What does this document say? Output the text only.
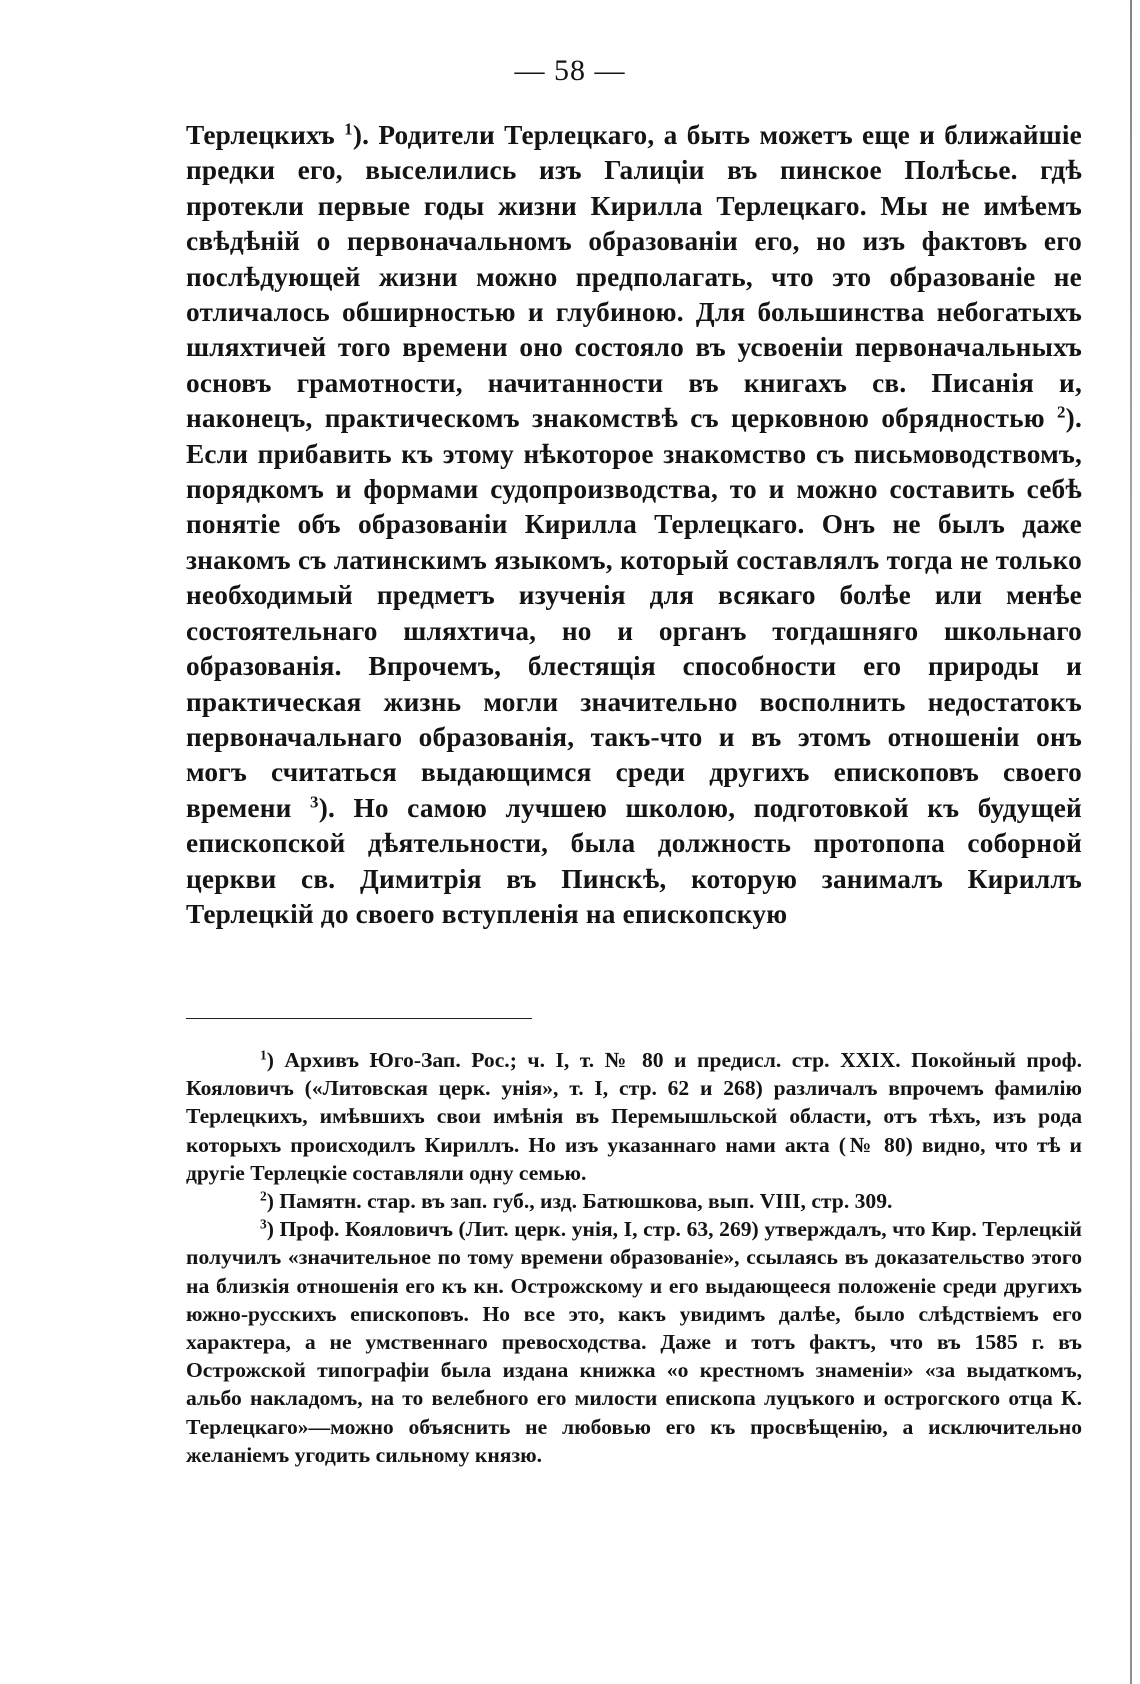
— 58 —

Терлецкихъ $^1$). Родители Терлецкаго, а быть можетъ еще и ближайшіе предки его, выселились изъ Галиціи въ пинское Полѣсье. гдѣ протекли первые годы жизни Кирилла Терлецкаго. Мы не имѣемъ свѣдѣній о первоначальномъ образованіи его, но изъ фактовъ его послѣдующей жизни можно предполагать, что это образованіе не отличалось обширностью и глубиною. Для большинства небогатыхъ шляхтичей того времени оно состояло въ усвоеніи первоначальныхъ основъ грамотности, начитанности въ книгахъ св. Писанія и, наконецъ, практическомъ знакомствѣ съ церковною обрядностью $^2$). Если прибавить къ этому нѣкоторое знакомство съ письмоводствомъ, порядкомъ и формами судопроизводства, то и можно составить себѣ понятіе объ образованіи Кирилла Терлецкаго. Онъ не былъ даже знакомъ съ латинскимъ языкомъ, который составлялъ тогда не только необходимый предметъ изученія для всякаго болѣе или менѣе состоятельнаго шляхтича, но и органъ тогдашняго школьнаго образованія. Впрочемъ, блестящія способности его природы и практическая жизнь могли значительно восполнить недостатокъ первоначальнаго образованія, такъ-что и въ этомъ отношеніи онъ могъ считаться выдающимся среди другихъ епископовъ своего времени $^3$). Но самою лучшею школою, подготовкой къ будущей епископской дѣятельности, была должность протопопа соборной церкви св. Димитрія въ Пинскѣ, которую занималъ Кириллъ Терлецкій до своего вступленія на епископскую

$^1$) Архивъ Юго-Зап. Рос.; ч. I, т. № 80 и предисл. стр. XXIX. Покойный проф. Кояловичъ («Литовская церк. унія», т. I, стр. 62 и 268) различалъ впрочемъ фамилію Терлецкихъ, имѣвшихъ свои имѣнія въ Перемышльской области, отъ тѣхъ, изъ рода которыхъ происходилъ Кириллъ. Но изъ указаннаго нами акта (№ 80) видно, что тѣ и другіе Терлецкіе составляли одну семью.

$^2$) Памятн. стар. въ зап. губ., изд. Батюшкова, вып. VIII, стр. 309.

$^3$) Проф. Кояловичъ (Лит. церк. унія, I, стр. 63, 269) утверждалъ, что Кир. Терлецкій получилъ «значительное по тому времени образованіе», ссылаясь въ доказательство этого на близкія отношенія его къ кн. Острожскому и его выдающееся положеніе среди другихъ южно-русскихъ епископовъ. Но все это, какъ увидимъ далѣе, было слѣдствіемъ его характера, а не умственнаго превосходства. Даже и тотъ фактъ, что въ 1585 г. въ Острожской типографіи была издана книжка «о крестномъ знаменіи» «за выдаткомъ, альбо накладомъ, на то велебного его милости епископа луцъкого и острогского отца К. Терлецкаго»—можно объяснить не любовью его къ просвѣщенію, а исключительно желаніемъ угодить сильному князю.
